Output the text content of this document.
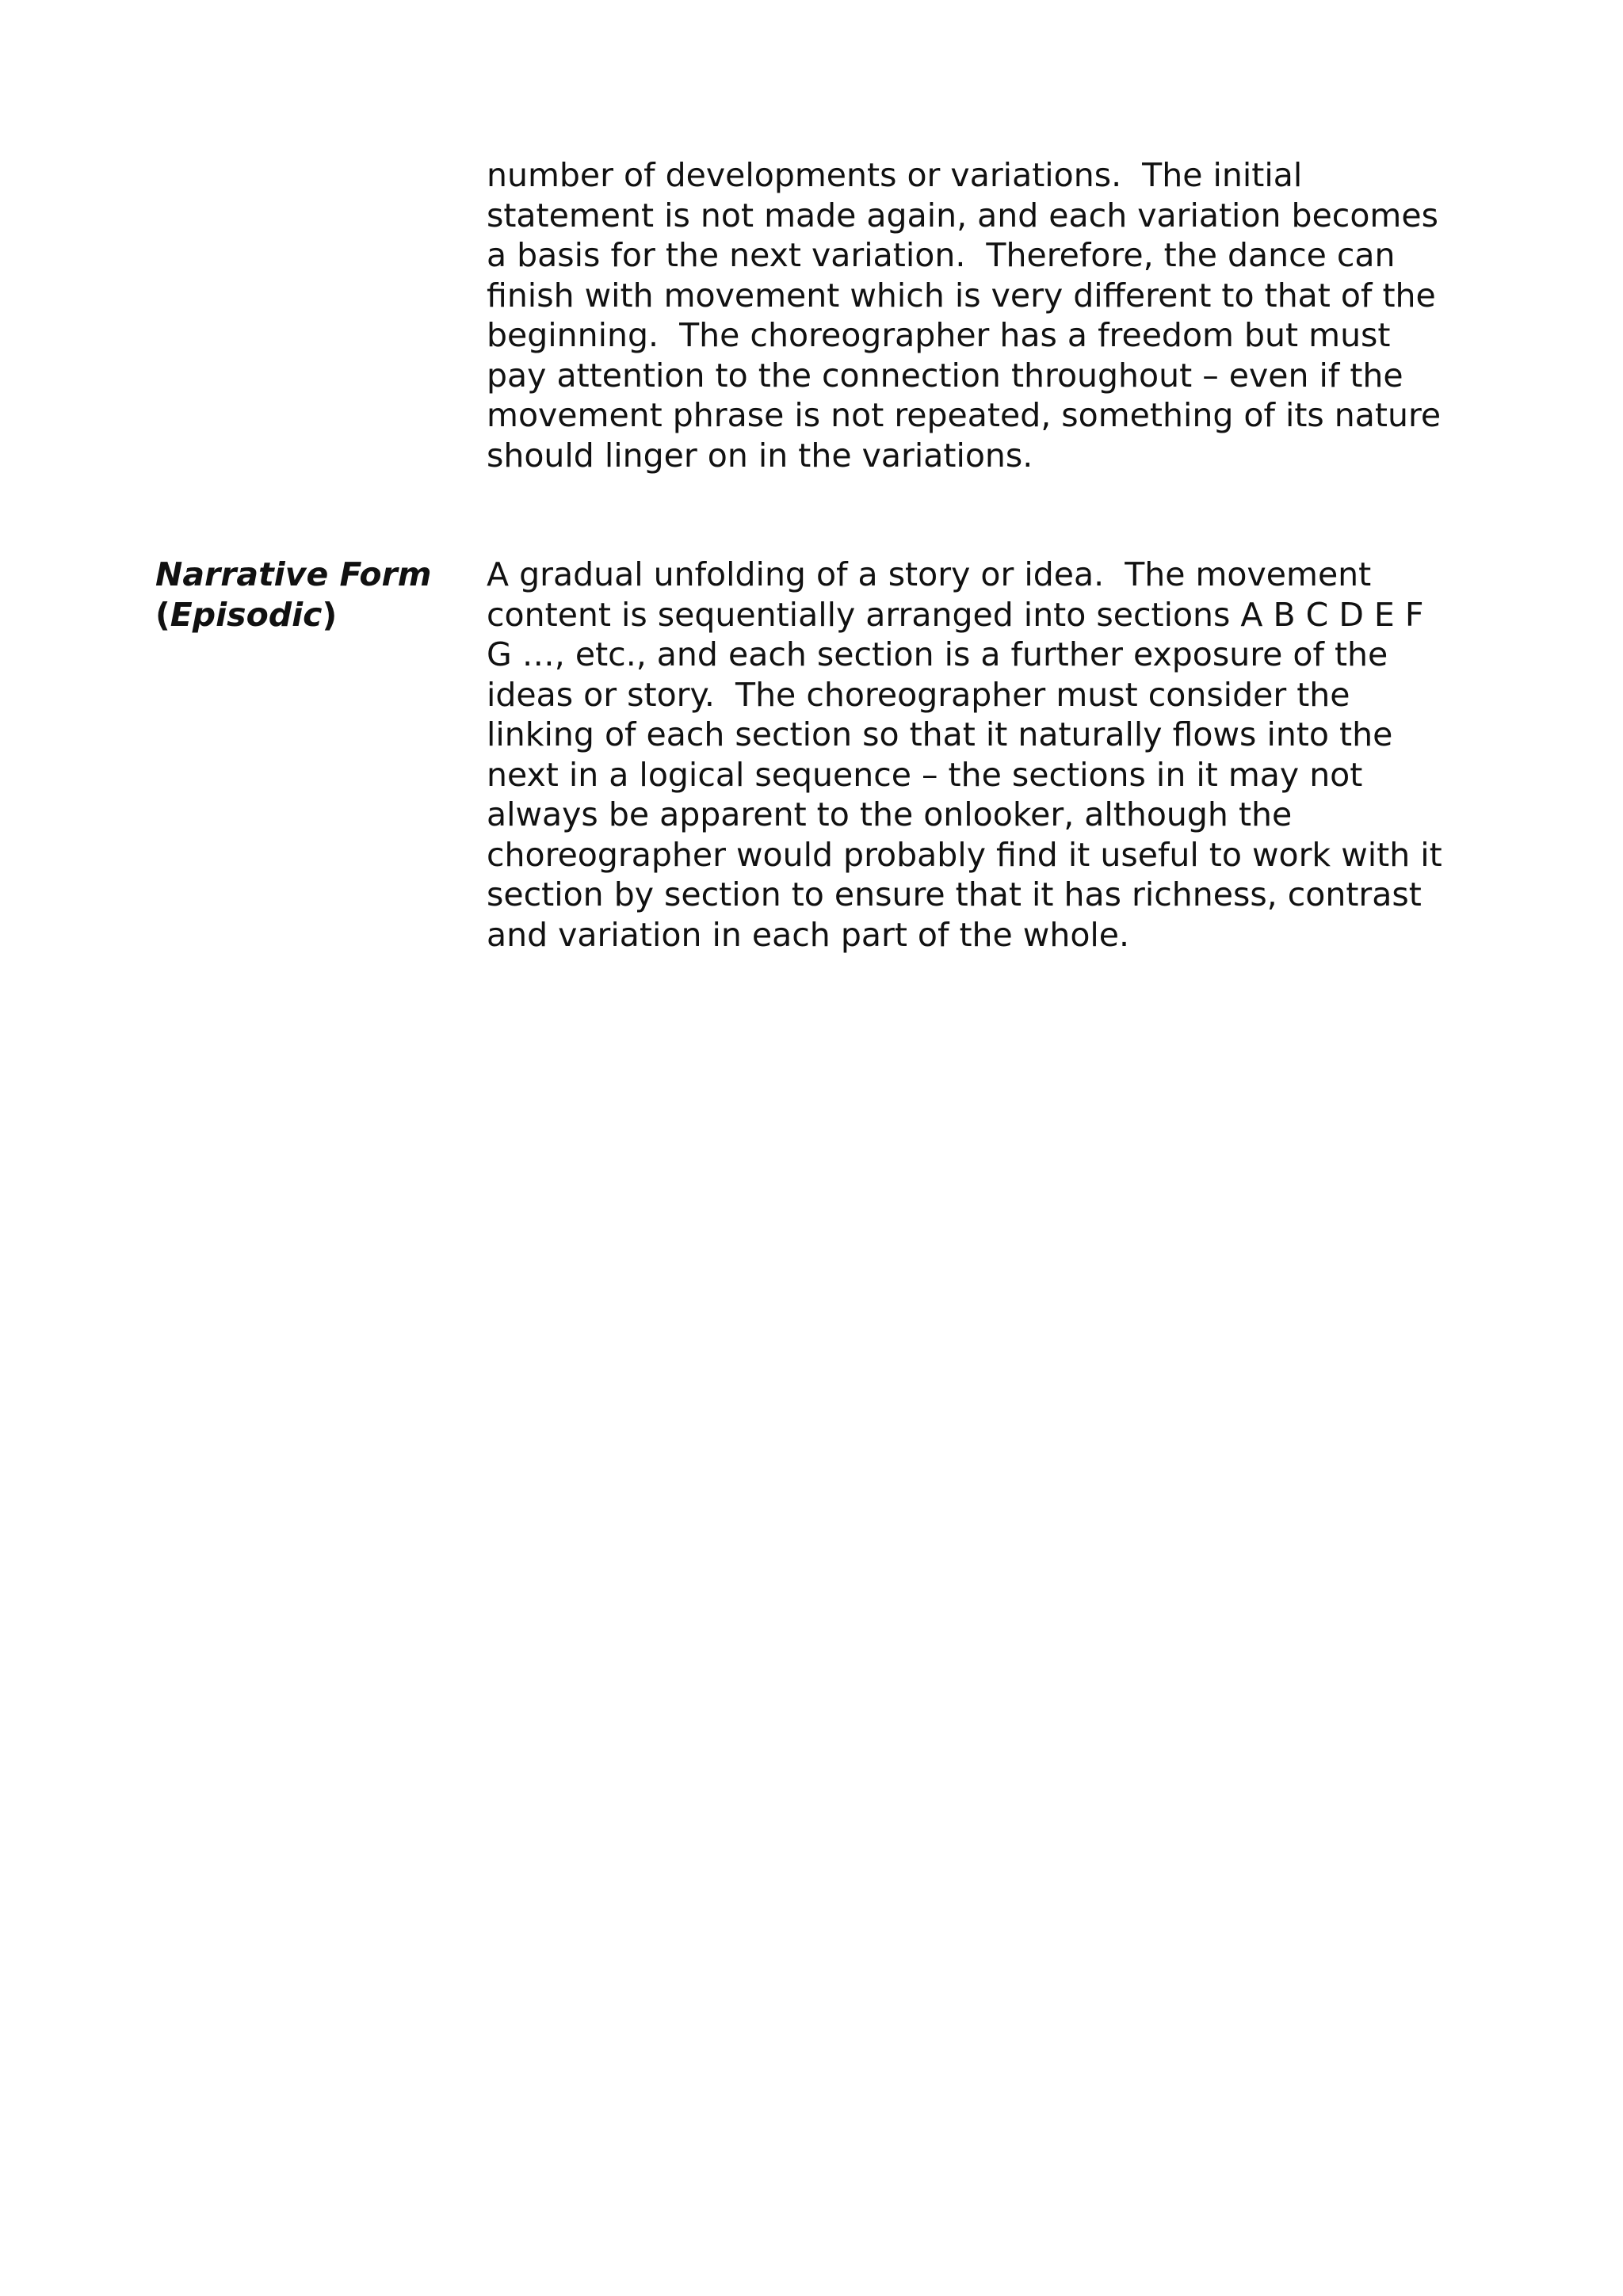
number of developments or variations.  The initial
statement is not made again, and each variation becomes
a basis for the next variation.  Therefore, the dance can
finish with movement which is very different to that of the
beginning.  The choreographer has a freedom but must
pay attention to the connection throughout – even if the
movement phrase is not repeated, something of its nature
should linger on in the variations.

Narrative Form
(Episodic)

A gradual unfolding of a story or idea.  The movement
content is sequentially arranged into sections A B C D E F
G …, etc., and each section is a further exposure of the
ideas or story.  The choreographer must consider the
linking of each section so that it naturally flows into the
next in a logical sequence – the sections in it may not
always be apparent to the onlooker, although the
choreographer would probably find it useful to work with it
section by section to ensure that it has richness, contrast
and variation in each part of the whole.
